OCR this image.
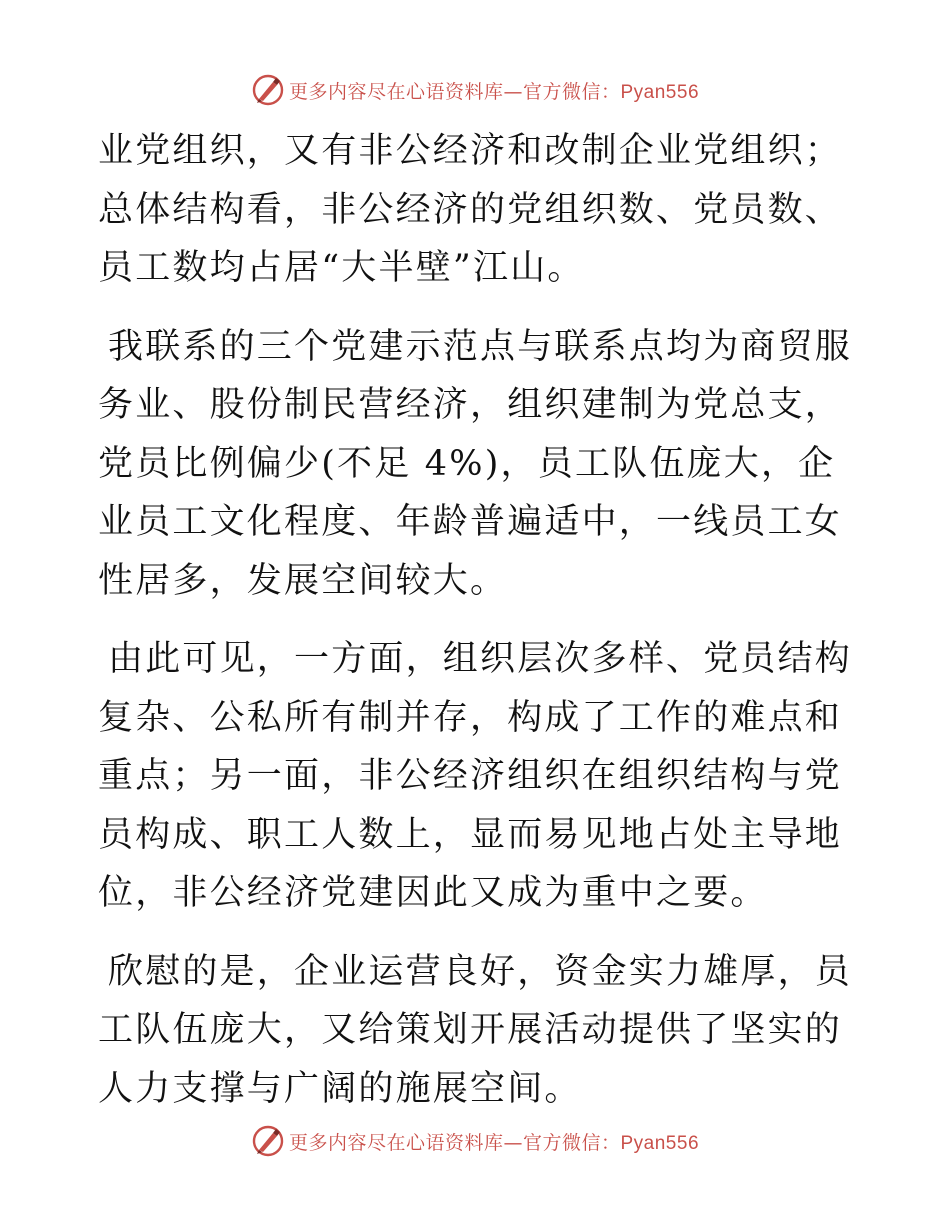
更多内容尽在心语资料库—官方微信：Pyan556

业党组织，又有非公经济和改制企业党组织；总体结构看，非公经济的党组织数、党员数、员工数均占居“大半壁”江山。

我联系的三个党建示范点与联系点均为商贸服务业、股份制民营经济，组织建制为党总支，党员比例偏少(不足 4%)，员工队伍庞大，企业员工文化程度、年龄普遍适中，一线员工女性居多，发展空间较大。

由此可见，一方面，组织层次多样、党员结构复杂、公私所有制并存，构成了工作的难点和重点；另一面，非公经济组织在组织结构与党员构成、职工人数上，显而易见地占处主导地位，非公经济党建因此又成为重中之要。

欣慰的是，企业运营良好，资金实力雄厚，员工队伍庞大，又给策划开展活动提供了坚实的人力支撑与广阔的施展空间。

更多内容尽在心语资料库—官方微信：Pyan556
